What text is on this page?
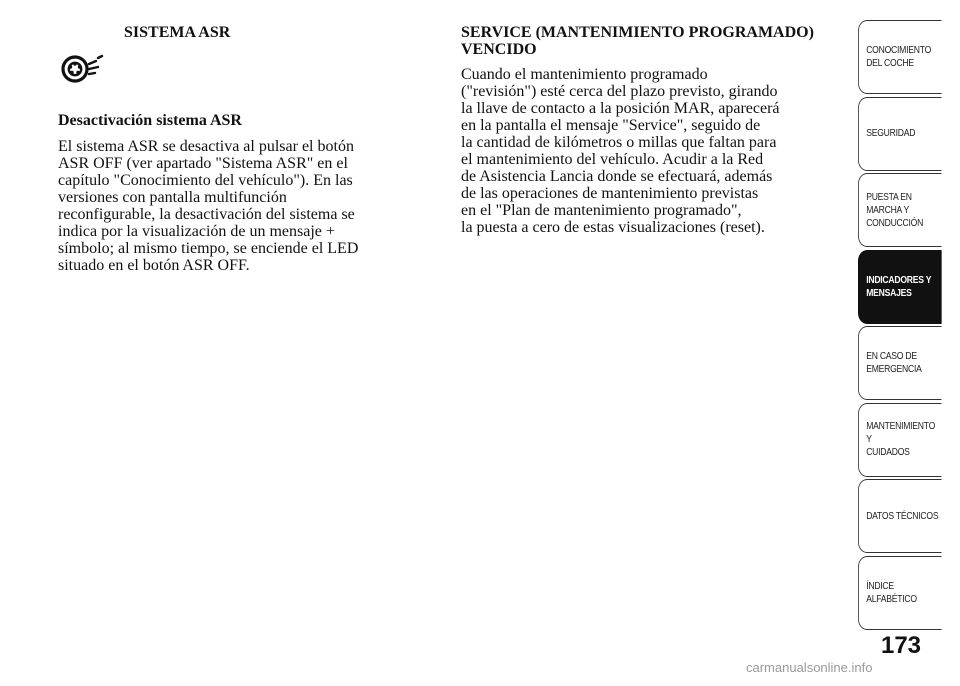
SISTEMA ASR

Desactivación sistema ASR

El sistema ASR se desactiva al pulsar el botón
ASR OFF (ver apartado "Sistema ASR" en el
capítulo "Conocimiento del vehículo"). En las
versiones con pantalla multifunción
reconfigurable, la desactivación del sistema se
indica por la visualización de un mensaje +
símbolo; al mismo tiempo, se enciende el LED
situado en el botón ASR OFF.

SERVICE (MANTENIMIENTO PROGRAMADO)
VENCIDO

Cuando el mantenimiento programado
("revisión") esté cerca del plazo previsto, girando
la llave de contacto a la posición MAR, aparecerá
en la pantalla el mensaje "Service", seguido de
la cantidad de kilómetros o millas que faltan para
el mantenimiento del vehículo. Acudir a la Red
de Asistencia Lancia donde se efectuará, además
de las operaciones de mantenimiento previstas
en el "Plan de mantenimiento programado",
la puesta a cero de estas visualizaciones (reset).

CONOCIMIENTO
DEL COCHE
SEGURIDAD
PUESTA EN
MARCHA Y
CONDUCCIÓN
INDICADORES Y
MENSAJES
EN CASO DE
EMERGENCIA
MANTENIMIENTO Y
CUIDADOS
DATOS TÉCNICOS
ÍNDICE
ALFABÉTICO
173
carmanualsonline.info
